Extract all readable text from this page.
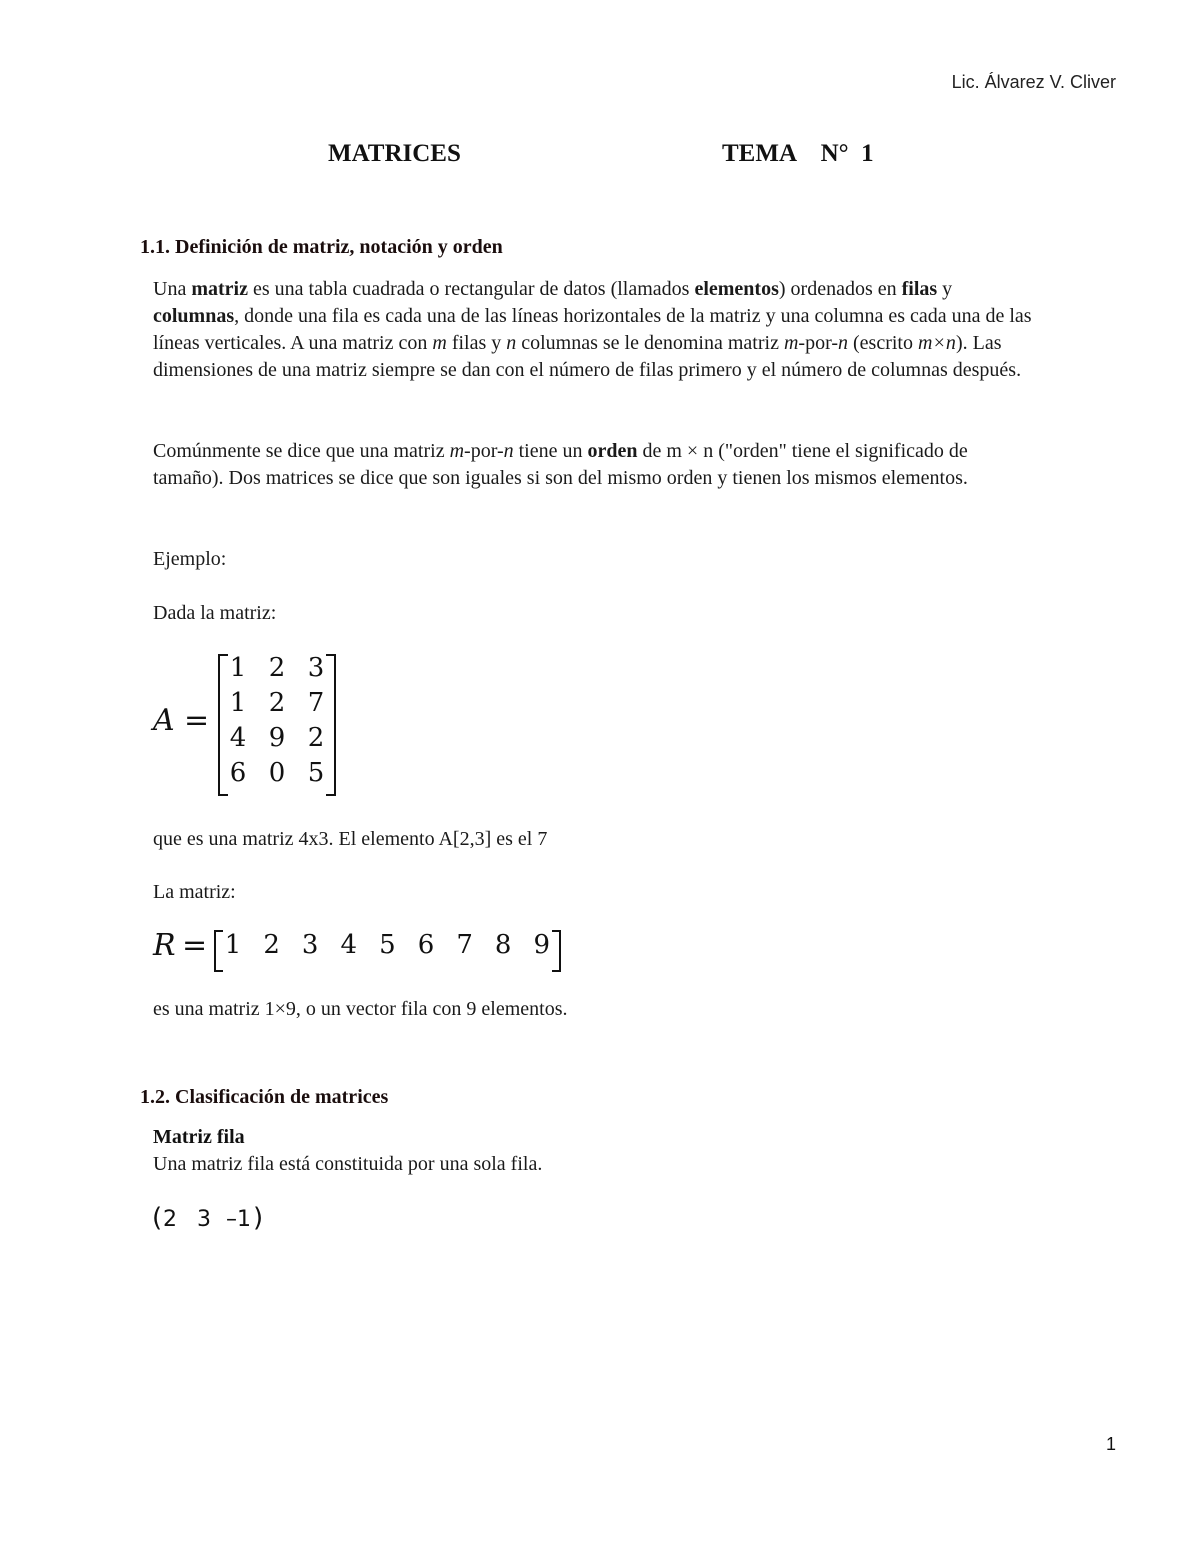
Lic. Álvarez V. Cliver
MATRICES	TEMA    N°  1
1.1. Definición de matriz, notación y orden

Una matriz es una tabla cuadrada o rectangular de datos (llamados elementos) ordenados en filas y columnas, donde una fila es cada una de las líneas horizontales de la matriz y una columna es cada una de las líneas verticales. A una matriz con m filas y n columnas se le denomina matriz m-por-n (escrito m×n). Las dimensiones de una matriz siempre se dan con el número de filas primero y el número de columnas después.

Comúnmente se dice que una matriz m-por-n tiene un orden de m × n ("orden" tiene el significado de tamaño). Dos matrices se dice que son iguales si son del mismo orden y tienen los mismos elementos.

Ejemplo:
Dada la matriz:
A =
1 2 3
1 2 7
4 9 2
6 0 5
que es una matriz 4x3. El elemento A[2,3] es el 7
La matriz:
R = 1 2 3 4 5 6 7 8 9
es una matriz 1×9, o un vector fila con 9 elementos.
1.2. Clasificación de matrices
Matriz fila
Una matriz fila está constituida por una sola fila.
( 2 3 –1 )
1
